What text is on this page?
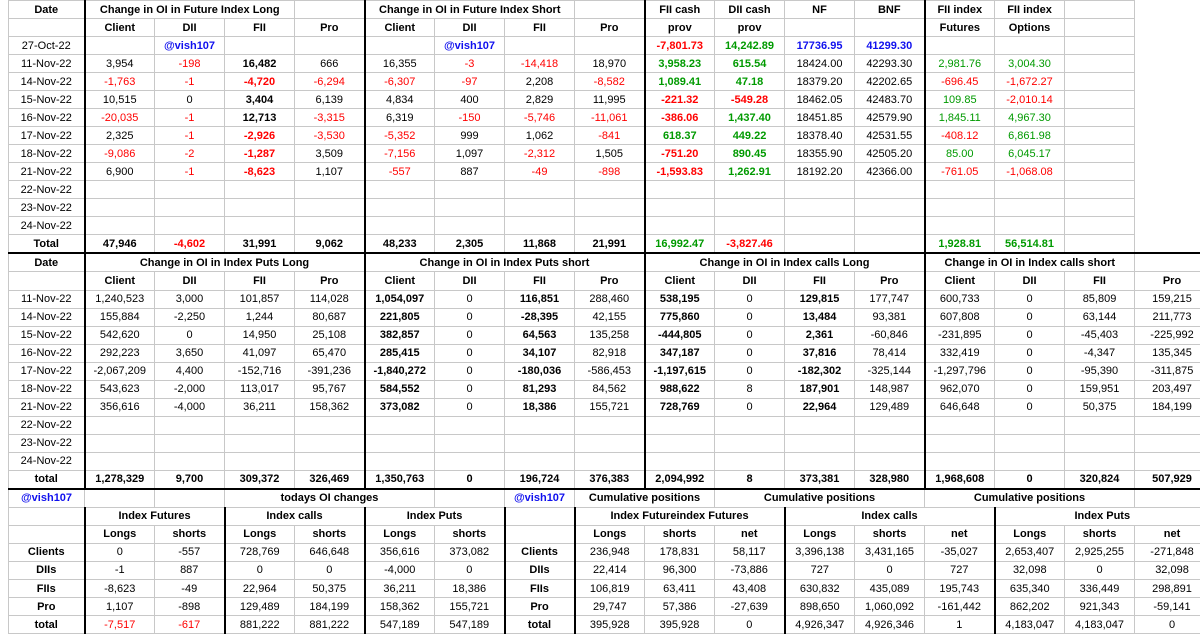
Date	Change in OI in Future Index Long				Change in OI in Future Index Short				FII cash	DII cash	NF	BNF	FII index	FII index		
	Client	DII	FII	Pro	Client	DII	FII	Pro	prov	prov			Futures	Options		
27-Oct-22		@vish107				@vish107			-7,801.73	14,242.89	17736.95	41299.30				
11-Nov-22	3,954	-198	16,482	666	16,355	-3	-14,418	18,970	3,958.23	615.54	18424.00	42293.30	2,981.76	3,004.30		
14-Nov-22	-1,763	-1	-4,720	-6,294	-6,307	-97	2,208	-8,582	1,089.41	47.18	18379.20	42202.65	-696.45	-1,672.27		
15-Nov-22	10,515	0	3,404	6,139	4,834	400	2,829	11,995	-221.32	-549.28	18462.05	42483.70	109.85	-2,010.14		
16-Nov-22	-20,035	-1	12,713	-3,315	6,319	-150	-5,746	-11,061	-386.06	1,437.40	18451.85	42579.90	1,845.11	4,967.30		
17-Nov-22	2,325	-1	-2,926	-3,530	-5,352	999	1,062	-841	618.37	449.22	18378.40	42531.55	-408.12	6,861.98		
18-Nov-22	-9,086	-2	-1,287	3,509	-7,156	1,097	-2,312	1,505	-751.20	890.45	18355.90	42505.20	85.00	6,045.17		
21-Nov-22	6,900	-1	-8,623	1,107	-557	887	-49	-898	-1,593.83	1,262.91	18192.20	42366.00	-761.05	-1,068.08		
22-Nov-22																
23-Nov-22																
24-Nov-22																
Total	47,946	-4,602	31,991	9,062	48,233	2,305	11,868	21,991	16,992.47	-3,827.46			1,928.81	56,514.81		
Date	Change in OI in Index Puts Long				Change in OI in Index Puts short				Change in OI in Index calls Long				Change in OI in Index calls short			
	Client	DII	FII	Pro	Client	DII	FII	Pro	Client	DII	FII	Pro	Client	DII	FII	Pro
11-Nov-22	1,240,523	3,000	101,857	114,028	1,054,097	0	116,851	288,460	538,195	0	129,815	177,747	600,733	0	85,809	159,215
14-Nov-22	155,884	-2,250	1,244	80,687	221,805	0	-28,395	42,155	775,860	0	13,484	93,381	607,808	0	63,144	211,773
15-Nov-22	542,620	0	14,950	25,108	382,857	0	64,563	135,258	-444,805	0	2,361	-60,846	-231,895	0	-45,403	-225,992
16-Nov-22	292,223	3,650	41,097	65,470	285,415	0	34,107	82,918	347,187	0	37,816	78,414	332,419	0	-4,347	135,345
17-Nov-22	-2,067,209	4,400	-152,716	-391,236	-1,840,272	0	-180,036	-586,453	-1,197,615	0	-182,302	-325,144	-1,297,796	0	-95,390	-311,875
18-Nov-22	543,623	-2,000	113,017	95,767	584,552	0	81,293	84,562	988,622	8	187,901	148,987	962,070	0	159,951	203,497
21-Nov-22	356,616	-4,000	36,211	158,362	373,082	0	18,386	155,721	728,769	0	22,964	129,489	646,648	0	50,375	184,199
22-Nov-22																
23-Nov-22																
24-Nov-22																
total	1,278,329	9,700	309,372	326,469	1,350,763	0	196,724	376,383	2,094,992	8	373,381	328,980	1,968,608	0	320,824	507,929
@vish107			todays OI changes				@vish107	Cumulative positions		Cumulative positions			Cumulative positions			
	Index Futures		Index calls		Index Puts			Index Futureindex Futures			Index calls			Index Puts		
	Longs	shorts	Longs	shorts	Longs	shorts		Longs	shorts	net	Longs	shorts	net	Longs	shorts	net
Clients	0	-557	728,769	646,648	356,616	373,082	Clients	236,948	178,831	58,117	3,396,138	3,431,165	-35,027	2,653,407	2,925,255	-271,848
DIIs	-1	887	0	0	-4,000	0	DIIs	22,414	96,300	-73,886	727	0	727	32,098	0	32,098
FIIs	-8,623	-49	22,964	50,375	36,211	18,386	FIIs	106,819	63,411	43,408	630,832	435,089	195,743	635,340	336,449	298,891
Pro	1,107	-898	129,489	184,199	158,362	155,721	Pro	29,747	57,386	-27,639	898,650	1,060,092	-161,442	862,202	921,343	-59,141
total	-7,517	-617	881,222	881,222	547,189	547,189	total	395,928	395,928	0	4,926,347	4,926,346	1	4,183,047	4,183,047	0
